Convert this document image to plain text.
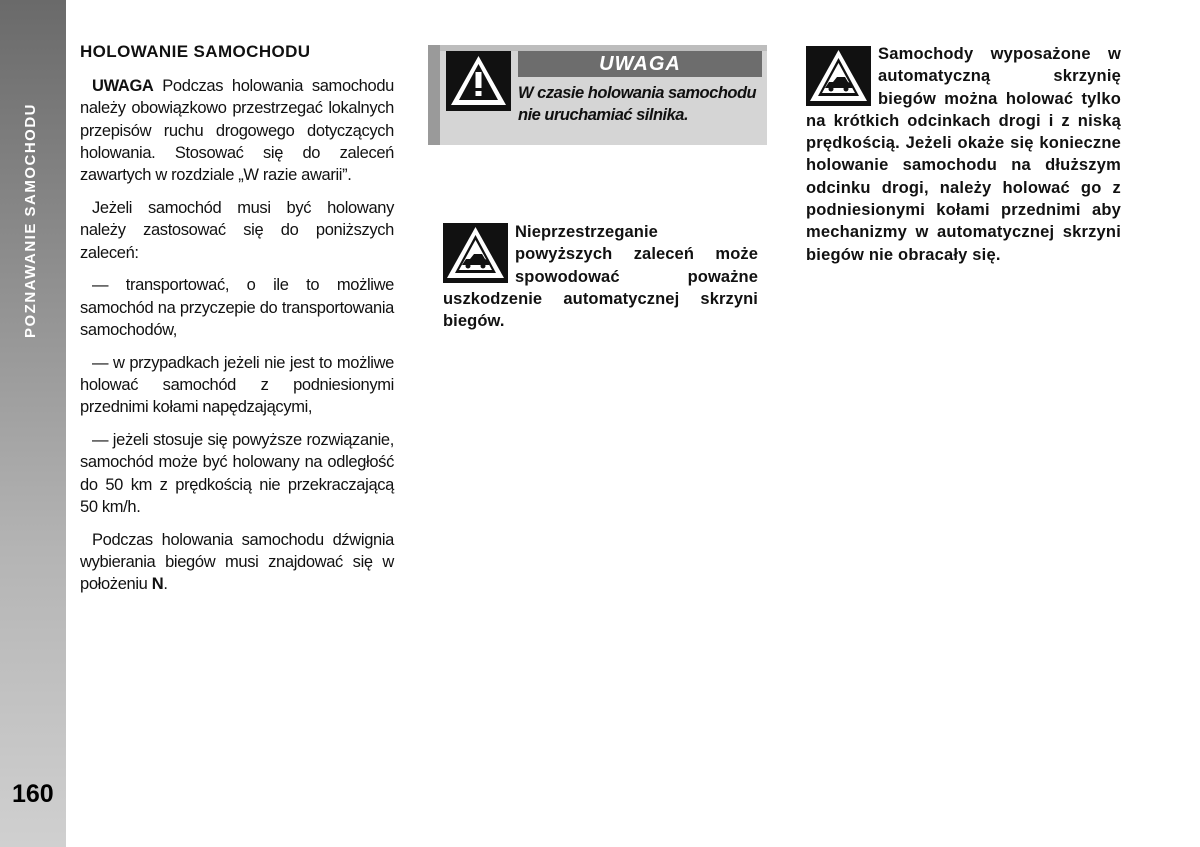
POZNAWANIE SAMOCHODU
160
HOLOWANIE SAMOCHODU

UWAGA Podczas holowania samochodu należy obowiązkowo przestrzegać lokalnych przepisów ruchu drogowego dotyczących holowania. Stosować się do zaleceń zawartych w rozdziale „W razie awarii”.

Jeżeli samochód musi być holowany należy zastosować się do poniższych zaleceń:

— transportować, o ile to możliwe samochód na przyczepie do transportowania samochodów,

— w przypadkach jeżeli nie jest to możliwe holować samochód z podniesionymi przednimi kołami napędzającymi,

— jeżeli stosuje się powyższe rozwiązanie, samochód może być holowany na odległość do 50 km z prędkością nie przekraczającą 50 km/h.

Podczas holowania samochodu dźwignia wybierania biegów musi znajdować się w położeniu N.

UWAGA
W czasie holowania samochodu nie uruchamiać silnika.
Nieprzestrzeganie powyższych zaleceń może spowodować poważne uszkodzenie automatycznej skrzyni biegów.
Samochody wyposażone w automatyczną skrzynię biegów można holować tylko na krótkich odcinkach drogi i z niską prędkością. Jeżeli okaże się konieczne holowanie samochodu na dłuższym odcinku drogi, należy holować go z podniesionymi kołami przednimi aby mechanizmy w automatycznej skrzyni biegów nie obracały się.
